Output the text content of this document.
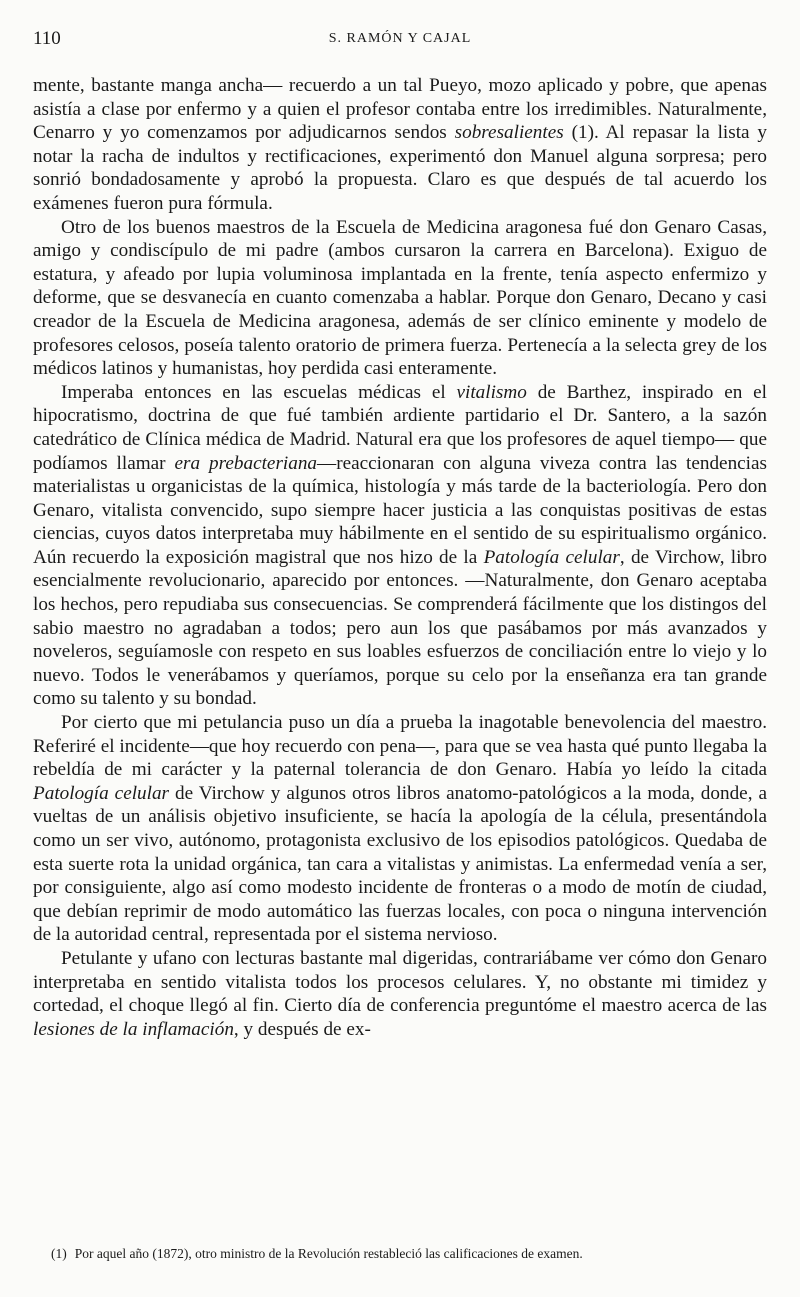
110	S. RAMÓN Y CAJAL

mente, bastante manga ancha— recuerdo a un tal Pueyo, mozo aplicado y pobre, que apenas asistía a clase por enfermo y a quien el profesor contaba entre los irredimibles. Naturalmente, Cenarro y yo comenzamos por adjudicarnos sendos sobresalientes (1). Al repasar la lista y notar la racha de indultos y rectificaciones, experimentó don Manuel alguna sorpresa; pero sonrió bondadosamente y aprobó la propuesta. Claro es que después de tal acuerdo los exámenes fueron pura fórmula.

Otro de los buenos maestros de la Escuela de Medicina aragonesa fué don Genaro Casas, amigo y condiscípulo de mi padre (ambos cursaron la carrera en Barcelona). Exiguo de estatura, y afeado por lupia voluminosa implantada en la frente, tenía aspecto enfermizo y deforme, que se desvanecía en cuanto comenzaba a hablar. Porque don Genaro, Decano y casi creador de la Escuela de Medicina aragonesa, además de ser clínico eminente y modelo de profesores celosos, poseía talento oratorio de primera fuerza. Pertenecía a la selecta grey de los médicos latinos y humanistas, hoy perdida casi enteramente.

Imperaba entonces en las escuelas médicas el vitalismo de Barthez, inspirado en el hipocratismo, doctrina de que fué también ardiente partidario el Dr. Santero, a la sazón catedrático de Clínica médica de Madrid. Natural era que los profesores de aquel tiempo— que podíamos llamar era prebacteriana—reaccionaran con alguna viveza contra las tendencias materialistas u organicistas de la química, histología y más tarde de la bacteriología. Pero don Genaro, vitalista convencido, supo siempre hacer justicia a las conquistas positivas de estas ciencias, cuyos datos interpretaba muy hábilmente en el sentido de su espiritualismo orgánico. Aún recuerdo la exposición magistral que nos hizo de la Patología celular, de Virchow, libro esencialmente revolucionario, aparecido por entonces. —Naturalmente, don Genaro aceptaba los hechos, pero repudiaba sus consecuencias. Se comprenderá fácilmente que los distingos del sabio maestro no agradaban a todos; pero aun los que pasábamos por más avanzados y noveleros, seguíamosle con respeto en sus loables esfuerzos de conciliación entre lo viejo y lo nuevo. Todos le venerábamos y queríamos, porque su celo por la enseñanza era tan grande como su talento y su bondad.

Por cierto que mi petulancia puso un día a prueba la inagotable benevolencia del maestro. Referiré el incidente—que hoy recuerdo con pena—, para que se vea hasta qué punto llegaba la rebeldía de mi carácter y la paternal tolerancia de don Genaro. Había yo leído la citada Patología celular de Virchow y algunos otros libros anatomo-patológicos a la moda, donde, a vueltas de un análisis objetivo insuficiente, se hacía la apología de la célula, presentándola como un ser vivo, autónomo, protagonista exclusivo de los episodios patológicos. Quedaba de esta suerte rota la unidad orgánica, tan cara a vitalistas y animistas. La enfermedad venía a ser, por consiguiente, algo así como modesto incidente de fronteras o a modo de motín de ciudad, que debían reprimir de modo automático las fuerzas locales, con poca o ninguna intervención de la autoridad central, representada por el sistema nervioso.

Petulante y ufano con lecturas bastante mal digeridas, contrariábame ver cómo don Genaro interpretaba en sentido vitalista todos los procesos celulares. Y, no obstante mi timidez y cortedad, el choque llegó al fin. Cierto día de conferencia preguntóme el maestro acerca de las lesiones de la inflamación, y después de ex-

(1) Por aquel año (1872), otro ministro de la Revolución restableció las calificaciones de examen.
